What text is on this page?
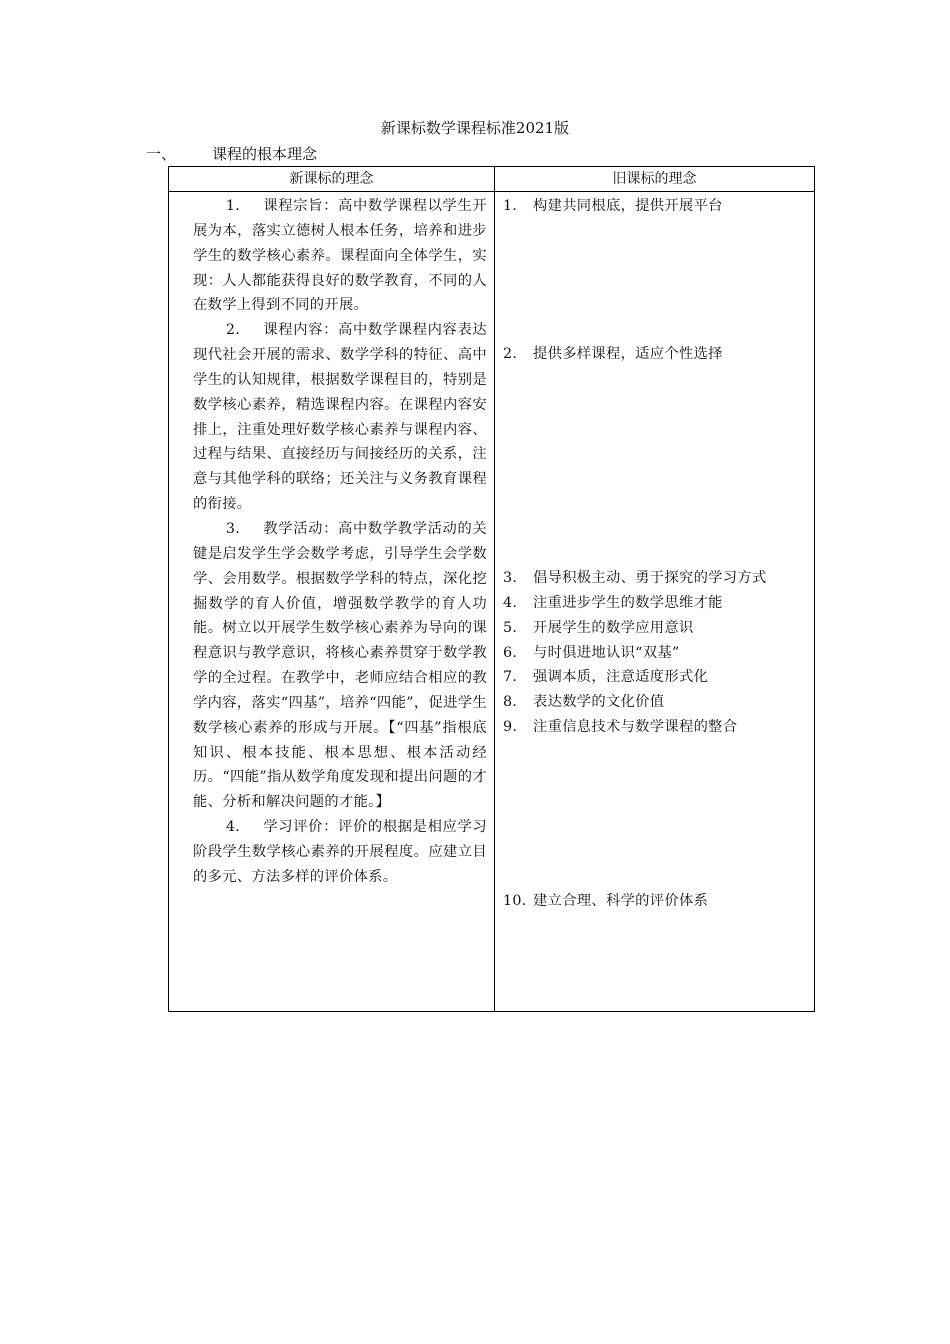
新课标数学课程标准2021版
一、 课程的根本理念
新课标的理念	旧课标的理念

1. 课程宗旨：高中数学课程以学生开展为本，落实立德树人根本任务，培养和进步学生的数学核心素养。课程面向全体学生，实现：人人都能获得良好的数学教育，不同的人在数学上得到不同的开展。

2. 课程内容：高中数学课程内容表达现代社会开展的需求、数学学科的特征、高中学生的认知规律，根据数学课程目的，特别是数学核心素养，精选课程内容。在课程内容安排上，注重处理好数学核心素养与课程内容、过程与结果、直接经历与间接经历的关系，注意与其他学科的联络；还关注与义务教育课程的衔接。

3. 教学活动：高中数学教学活动的关键是启发学生学会数学考虑，引导学生会学数学、会用数学。根据数学学科的特点，深化挖掘数学的育人价值，增强数学教学的育人功能。树立以开展学生数学核心素养为导向的课程意识与教学意识，将核心素养贯穿于数学教学的全过程。在教学中，老师应结合相应的教学内容，落实“四基”，培养“四能”，促进学生数学核心素养的形成与开展。【“四基”指根底知识、根本技能、根本思想、根本活动经历。“四能”指从数学角度发现和提出问题的才能、分析和解决问题的才能。】

4. 学习评价：评价的根据是相应学习阶段学生数学核心素养的开展程度。应建立目的多元、方法多样的评价体系。

1. 构建共同根底，提供开展平台
2. 提供多样课程，适应个性选择
3. 倡导积极主动、勇于探究的学习方式
4. 注重进步学生的数学思维才能
5. 开展学生的数学应用意识
6. 与时俱进地认识“双基”
7. 强调本质，注意适度形式化
8. 表达数学的文化价值
9. 注重信息技术与数学课程的整合
10. 建立合理、科学的评价体系
